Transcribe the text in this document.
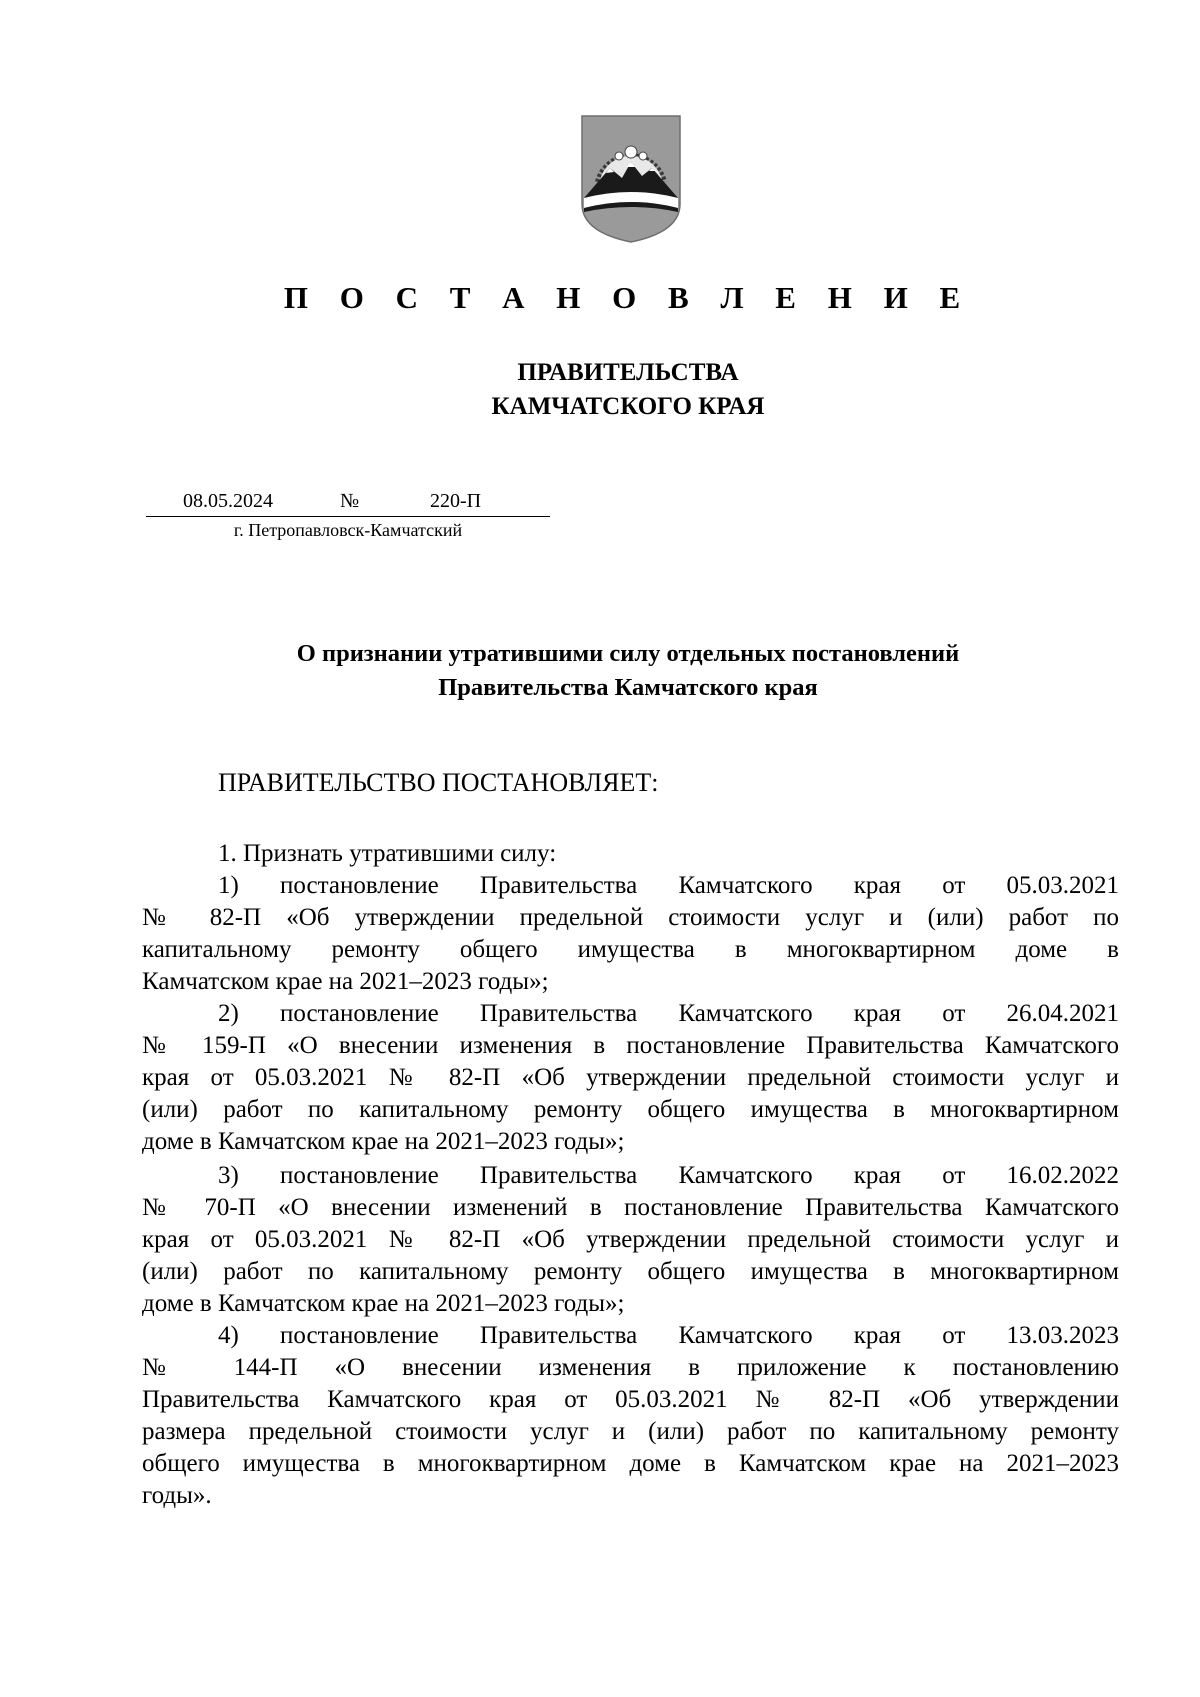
П О С Т А Н О В Л Е Н И Е
ПРАВИТЕЛЬСТВА
КАМЧАТСКОГО КРАЯ
08.05.2024	№	220-П
г. Петропавловск-Камчатский
О признании утратившими силу отдельных постановлений
Правительства Камчатского края
ПРАВИТЕЛЬСТВО ПОСТАНОВЛЯЕТ:
1. Признать утратившими силу:
1) постановление Правительства Камчатского края от 05.03.2021
№ 82-П «Об утверждении предельной стоимости услуг и (или) работ по
капитальному ремонту общего имущества в многоквартирном доме в
Камчатском крае на 2021–2023 годы»;
2) постановление Правительства Камчатского края от 26.04.2021
№ 159-П «О внесении изменения в постановление Правительства Камчатского
края от 05.03.2021 № 82-П «Об утверждении предельной стоимости услуг и
(или) работ по капитальному ремонту общего имущества в многоквартирном
доме в Камчатском крае на 2021–2023 годы»;
3) постановление Правительства Камчатского края от 16.02.2022
№ 70-П «О внесении изменений в постановление Правительства Камчатского
края от 05.03.2021 № 82-П «Об утверждении предельной стоимости услуг и
(или) работ по капитальному ремонту общего имущества в многоквартирном
доме в Камчатском крае на 2021–2023 годы»;
4) постановление Правительства Камчатского края от 13.03.2023
№ 144-П «О внесении изменения в приложение к постановлению
Правительства Камчатского края от 05.03.2021 № 82-П «Об утверждении
размера предельной стоимости услуг и (или) работ по капитальному ремонту
общего имущества в многоквартирном доме в Камчатском крае на 2021–2023
годы».
